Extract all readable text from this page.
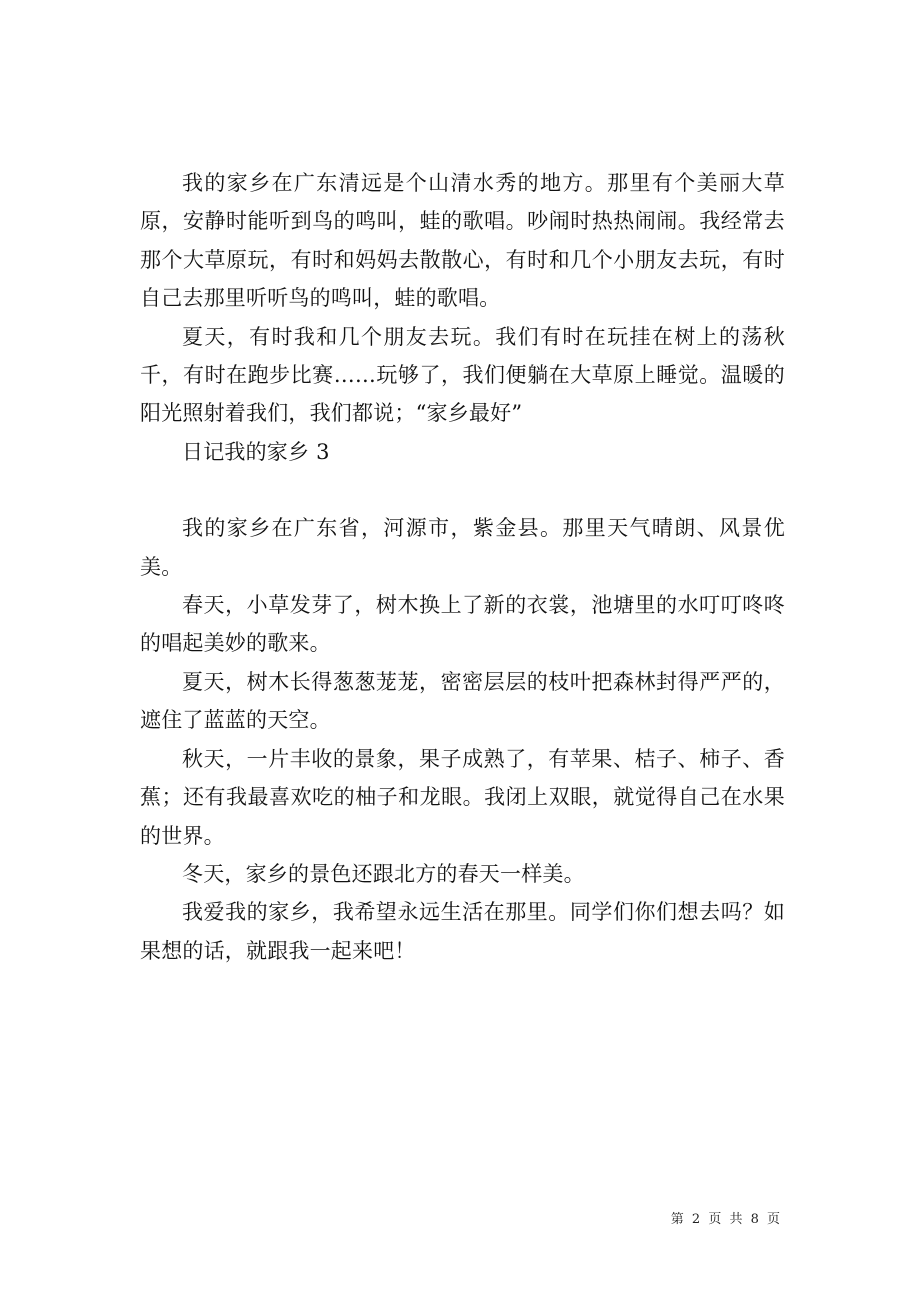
我的家乡在广东清远是个山清水秀的地方。那里有个美丽大草原，安静时能听到鸟的鸣叫，蛙的歌唱。吵闹时热热闹闹。我经常去那个大草原玩，有时和妈妈去散散心，有时和几个小朋友去玩，有时自己去那里听听鸟的鸣叫，蛙的歌唱。

夏天，有时我和几个朋友去玩。我们有时在玩挂在树上的荡秋千，有时在跑步比赛……玩够了，我们便躺在大草原上睡觉。温暖的阳光照射着我们，我们都说；“家乡最好”

日记我的家乡 3

我的家乡在广东省，河源市，紫金县。那里天气晴朗、风景优美。

春天，小草发芽了，树木换上了新的衣裳，池塘里的水叮叮咚咚的唱起美妙的歌来。

夏天，树木长得葱葱茏茏，密密层层的枝叶把森林封得严严的，遮住了蓝蓝的天空。

秋天，一片丰收的景象，果子成熟了，有苹果、桔子、柿子、香蕉；还有我最喜欢吃的柚子和龙眼。我闭上双眼，就觉得自己在水果的世界。

冬天，家乡的景色还跟北方的春天一样美。

我爱我的家乡，我希望永远生活在那里。同学们你们想去吗？如果想的话，就跟我一起来吧！

第 2 页 共 8 页
